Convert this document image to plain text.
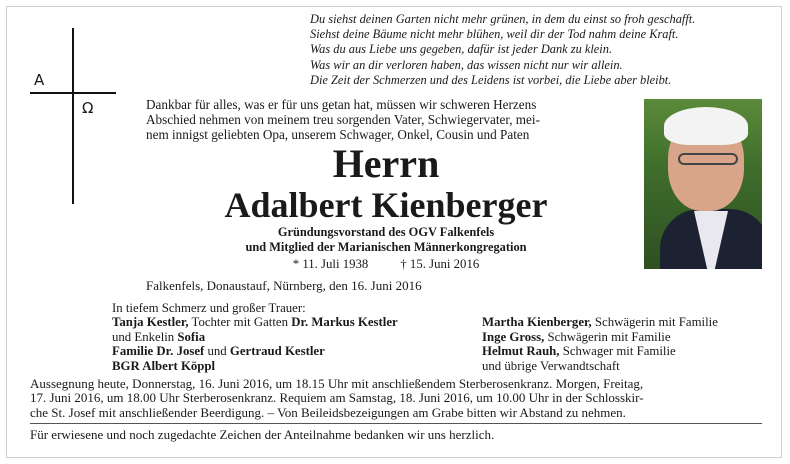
Du siehst deinen Garten nicht mehr grünen, in dem du einst so froh geschafft.
Siehst deine Bäume nicht mehr blühen, weil dir der Tod nahm deine Kraft.
Was du aus Liebe uns gegeben, dafür ist jeder Dank zu klein.
Was wir an dir verloren haben, das wissen nicht nur wir allein.
Die Zeit der Schmerzen und des Leidens ist vorbei, die Liebe aber bleibt.
A
Ω	Dankbar für alles, was er für uns getan hat, müssen wir schweren Herzens
Abschied nehmen von meinem treu sorgenden Vater, Schwiegervater, mei-
nem innigst geliebten Opa, unserem Schwager, Onkel, Cousin und Paten
Herrn
Adalbert Kienberger
Gründungsvorstand des OGV Falkenfels
und Mitglied der Marianischen Männerkongregation
* 11. Juli 1938          † 15. Juni 2016
Falkenfels, Donaustauf, Nürnberg, den 16. Juni 2016
In tiefem Schmerz und großer Trauer:
Tanja Kestler, Tochter mit Gatten Dr. Markus Kestler
und Enkelin Sofia
Familie Dr. Josef und Gertraud Kestler
BGR Albert Köppl
Martha Kienberger, Schwägerin mit Familie
Inge Gross, Schwägerin mit Familie
Helmut Rauh, Schwager mit Familie
und übrige Verwandtschaft
Aussegnung heute, Donnerstag, 16. Juni 2016, um 18.15 Uhr mit anschließendem Sterberosenkranz. Morgen, Freitag,
17. Juni 2016, um 18.00 Uhr Sterberosenkranz. Requiem am Samstag, 18. Juni 2016, um 10.00 Uhr in der Schlosskir-
che St. Josef mit anschließender Beerdigung. – Von Beileidsbezeigungen am Grabe bitten wir Abstand zu nehmen.
Für erwiesene und noch zugedachte Zeichen der Anteilnahme bedanken wir uns herzlich.
